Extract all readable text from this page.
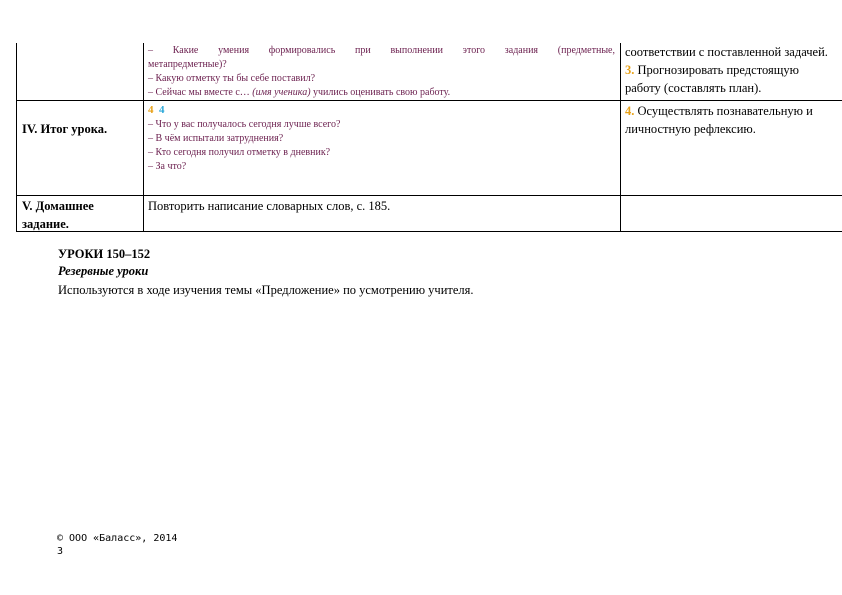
– Какие умения формировались при выполнении этого задания (предметные,
метапредметные)?
– Какую отметку ты бы себе поставил?
– Сейчас мы вместе с… (имя ученика) учились оценивать свою работу.
соответствии с поставленной задачей.
3. Прогнозировать предстоящую
работу (составлять план).
IV. Итог урока.
4 4
– Что у вас получалось сегодня лучше всего?
– В чём испытали затруднения?
– Кто сегодня получил отметку в дневник?
– За что?
4. Осуществлять познавательную и
личностную рефлексию.
V. Домашнее
задание.
Повторить написание словарных слов, с. 185.
УРОКИ 150–152
Резервные уроки
Используются в ходе изучения темы «Предложение» по усмотрению учителя.
© ООО «Баласс», 2014
3
